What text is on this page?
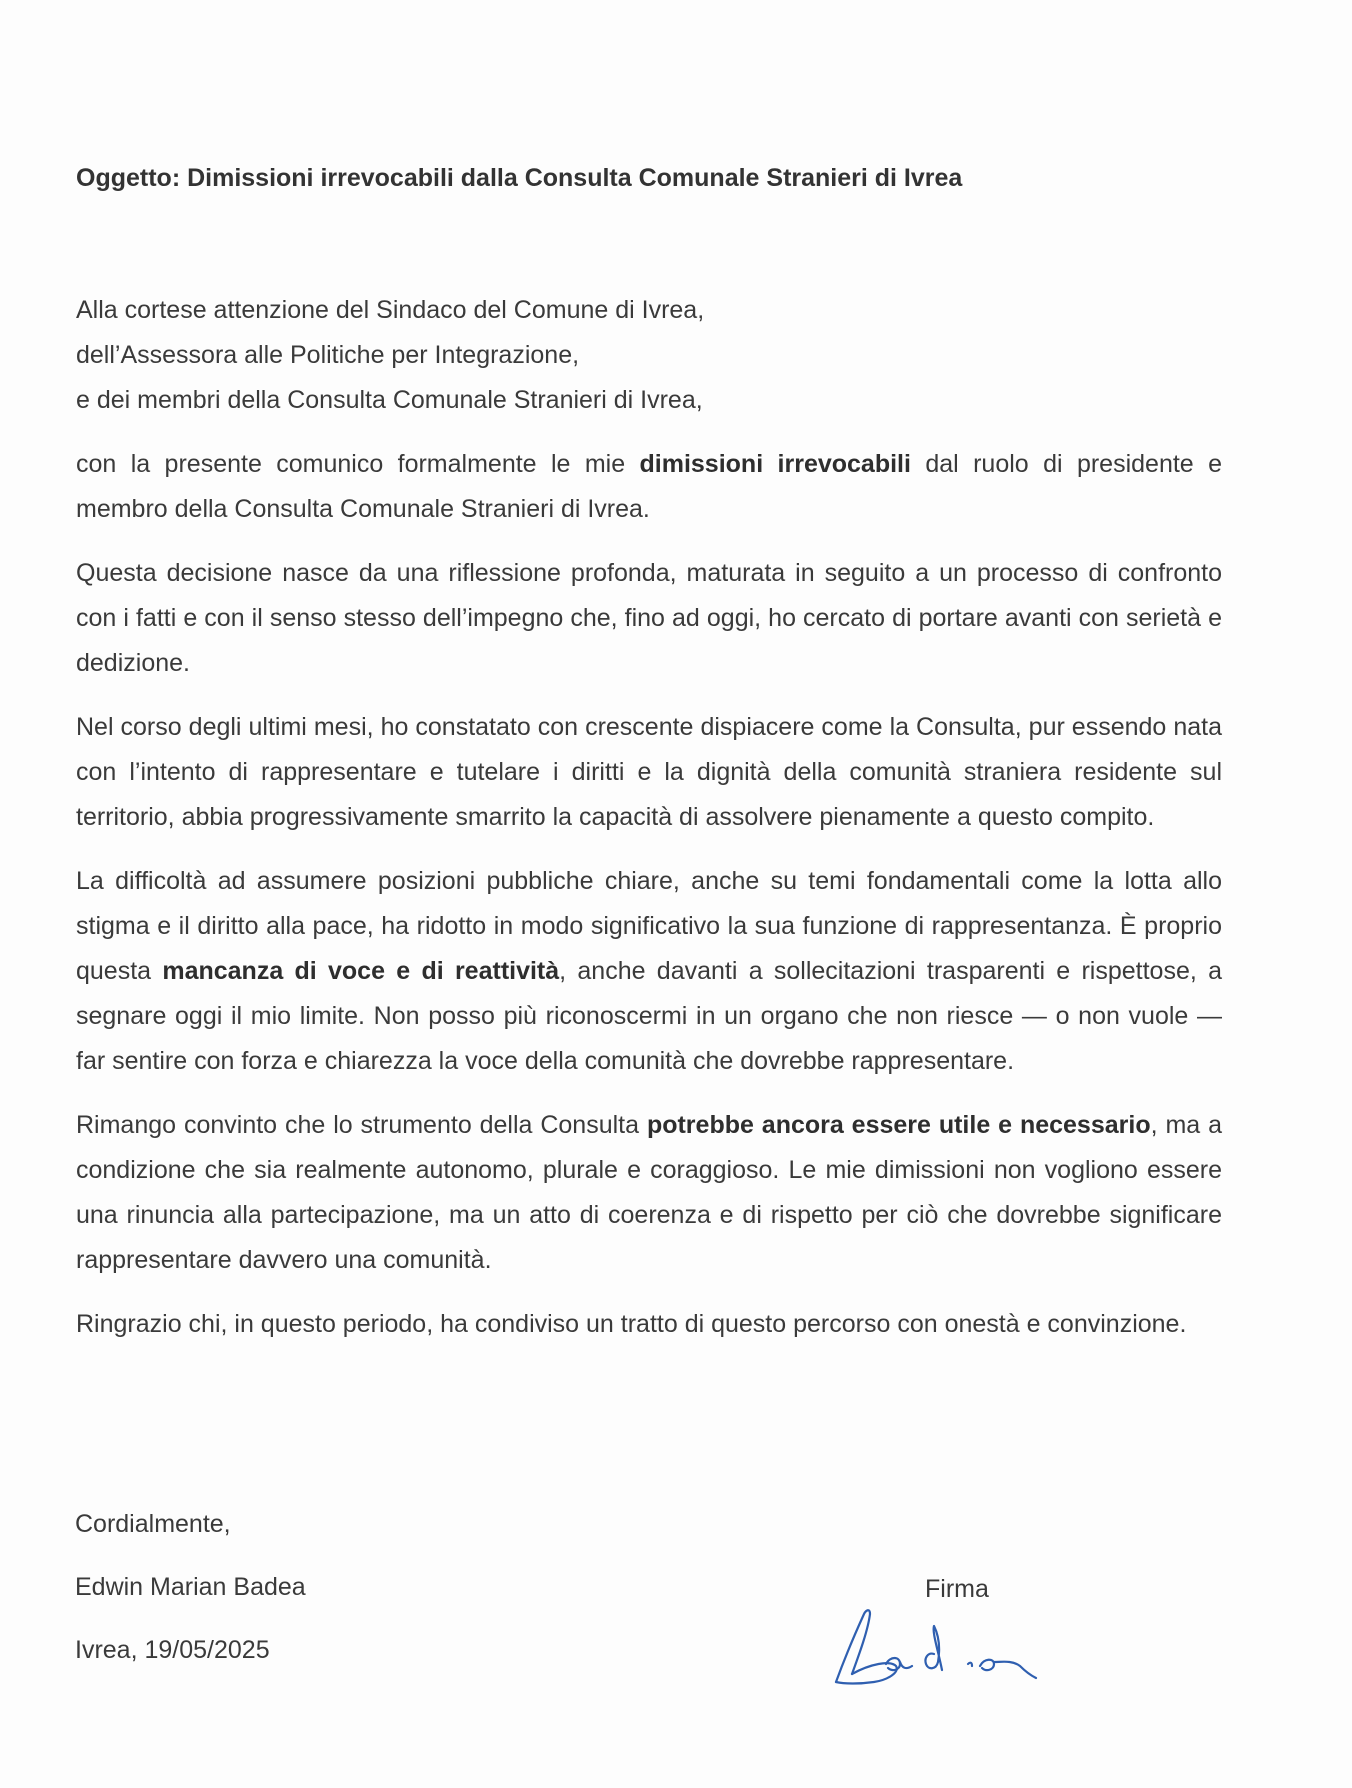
Oggetto: Dimissioni irrevocabili dalla Consulta Comunale Stranieri di Ivrea
Alla cortese attenzione del Sindaco del Comune di Ivrea,
dell’Assessora alle Politiche per Integrazione,
e dei membri della Consulta Comunale Stranieri di Ivrea,

con la presente comunico formalmente le mie dimissioni irrevocabili dal ruolo di presidente e membro della Consulta Comunale Stranieri di Ivrea.

Questa decisione nasce da una riflessione profonda, maturata in seguito a un processo di confronto con i fatti e con il senso stesso dell’impegno che, fino ad oggi, ho cercato di portare avanti con serietà e dedizione.

Nel corso degli ultimi mesi, ho constatato con crescente dispiacere come la Consulta, pur essendo nata con l’intento di rappresentare e tutelare i diritti e la dignità della comunità straniera residente sul territorio, abbia progressivamente smarrito la capacità di assolvere pienamente a questo compito.

La difficoltà ad assumere posizioni pubbliche chiare, anche su temi fondamentali come la lotta allo stigma e il diritto alla pace, ha ridotto in modo significativo la sua funzione di rappresentanza. È proprio questa mancanza di voce e di reattività, anche davanti a sollecitazioni trasparenti e rispettose, a segnare oggi il mio limite. Non posso più riconoscermi in un organo che non riesce — o non vuole — far sentire con forza e chiarezza la voce della comunità che dovrebbe rappresentare.

Rimango convinto che lo strumento della Consulta potrebbe ancora essere utile e necessario, ma a condizione che sia realmente autonomo, plurale e coraggioso. Le mie dimissioni non vogliono essere una rinuncia alla partecipazione, ma un atto di coerenza e di rispetto per ciò che dovrebbe significare rappresentare davvero una comunità.

Ringrazio chi, in questo periodo, ha condiviso un tratto di questo percorso con onestà e convinzione.

Cordialmente,
Edwin Marian Badea
Ivrea, 19/05/2025
Firma
